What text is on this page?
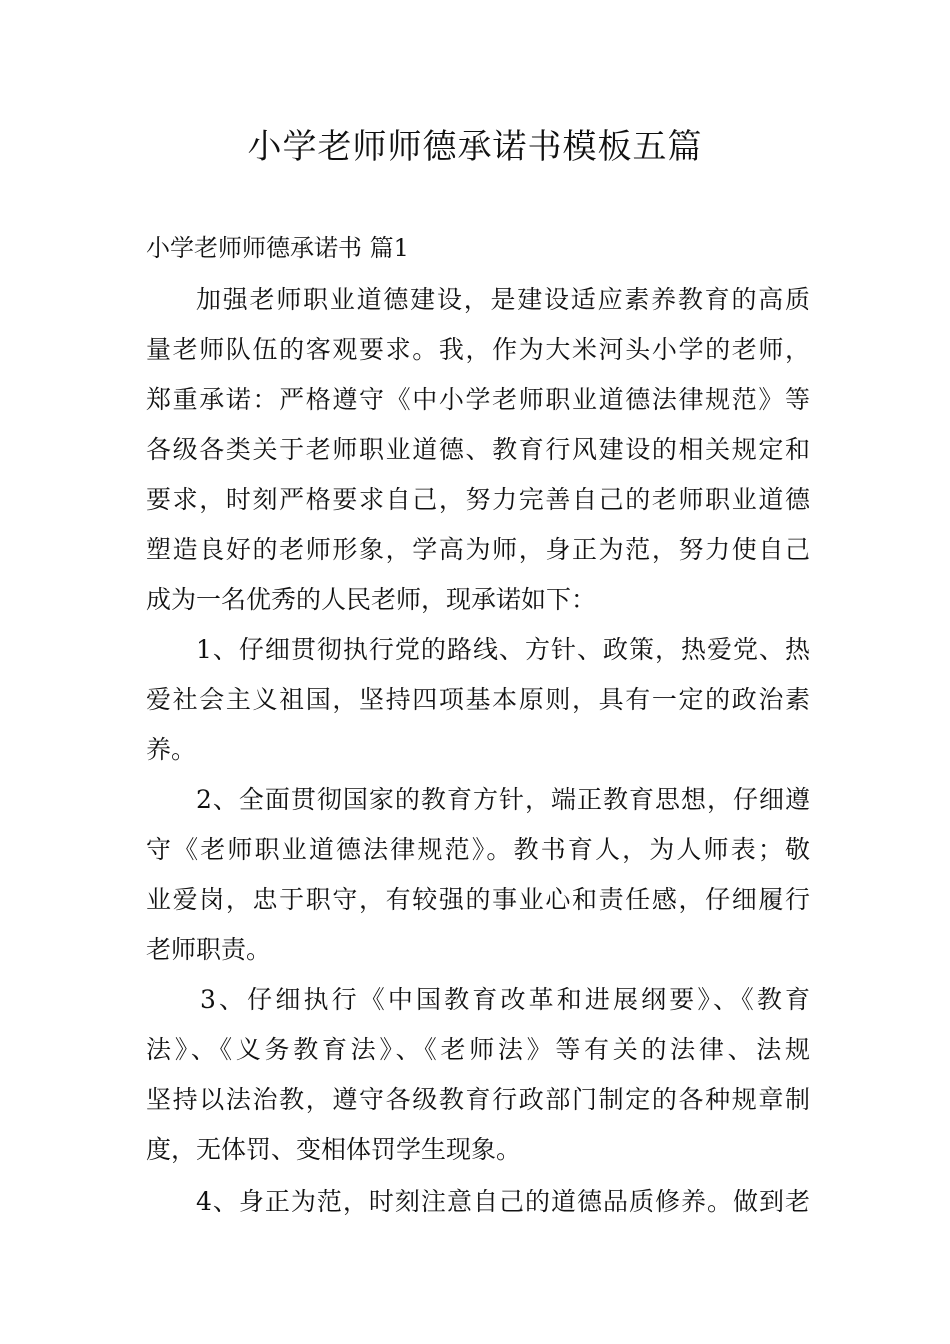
小学老师师德承诺书模板五篇

小学老师师德承诺书 篇1

加强老师职业道德建设，是建设适应素养教育的高质

量老师队伍的客观要求。我，作为大米河头小学的老师，

郑重承诺：严格遵守《中小学老师职业道德法律规范》等

各级各类关于老师职业道德、教育行风建设的相关规定和

要求，时刻严格要求自己，努力完善自己的老师职业道德

塑造良好的老师形象，学高为师，身正为范，努力使自己

成为一名优秀的人民老师，现承诺如下：

1、仔细贯彻执行党的路线、方针、政策，热爱党、热

爱社会主义祖国，坚持四项基本原则，具有一定的政治素

养。

2、全面贯彻国家的教育方针，端正教育思想，仔细遵

守《老师职业道德法律规范》。教书育人，为人师表；敬

业爱岗，忠于职守，有较强的事业心和责任感，仔细履行

老师职责。

3、仔细执行《中国教育改革和进展纲要》、《教育

法》、《义务教育法》、《老师法》等有关的法律、法规

坚持以法治教，遵守各级教育行政部门制定的各种规章制

度，无体罚、变相体罚学生现象。

4、身正为范，时刻注意自己的道德品质修养。做到老
